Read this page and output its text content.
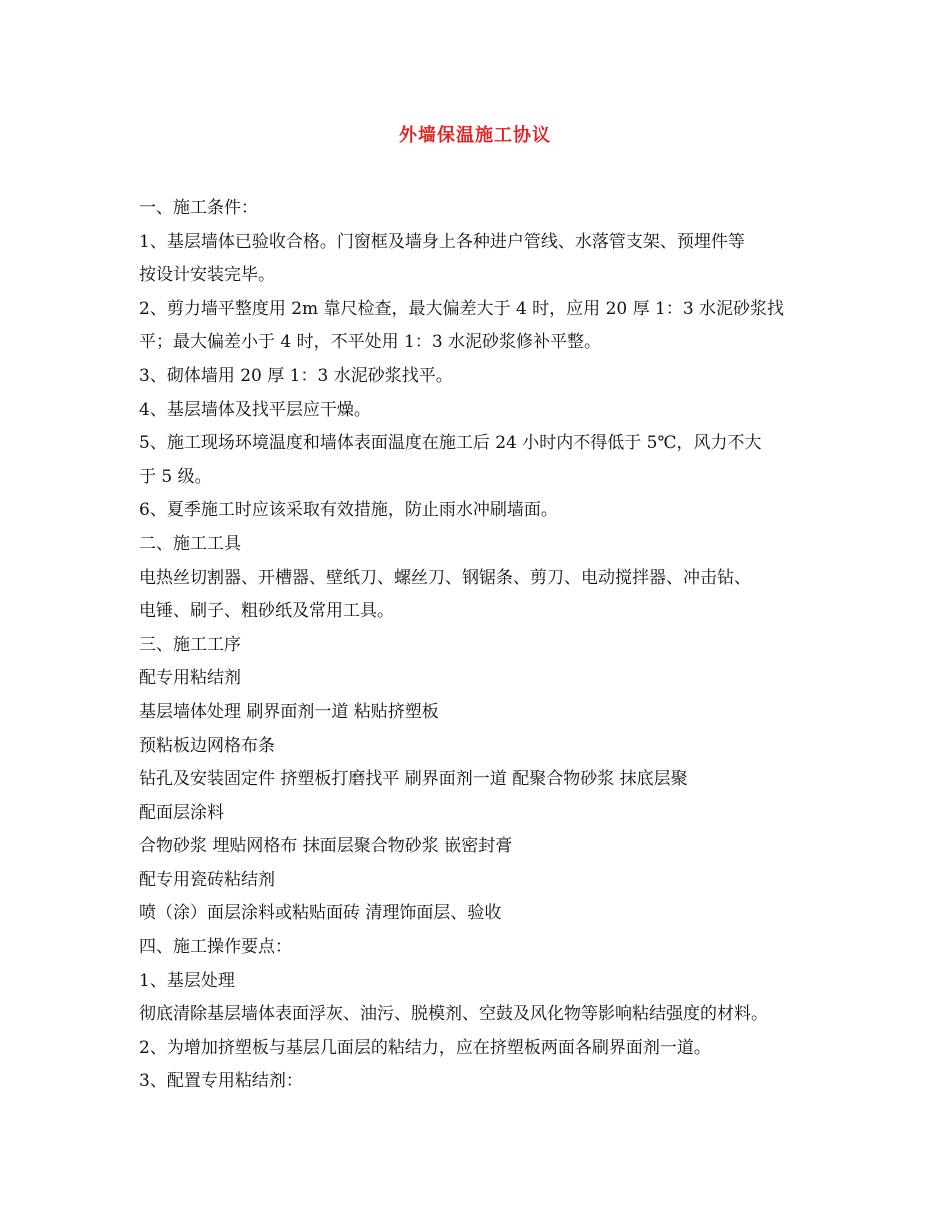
外墙保温施工协议

一、施工条件：

1、基层墙体已验收合格。门窗框及墙身上各种进户管线、水落管支架、预埋件等

按设计安装完毕。

2、剪力墙平整度用 2m 靠尺检查，最大偏差大于 4 时，应用 20 厚 1：3 水泥砂浆找

平；最大偏差小于 4 时，不平处用 1：3 水泥砂浆修补平整。

3、砌体墙用 20 厚 1：3 水泥砂浆找平。

4、基层墙体及找平层应干燥。

5、施工现场环境温度和墙体表面温度在施工后 24 小时内不得低于 5℃，风力不大

于 5 级。

6、夏季施工时应该采取有效措施，防止雨水冲刷墙面。

二、施工工具

电热丝切割器、开槽器、壁纸刀、螺丝刀、钢锯条、剪刀、电动搅拌器、冲击钻、

电锤、刷子、粗砂纸及常用工具。

三、施工工序

配专用粘结剂

基层墙体处理 刷界面剂一道 粘贴挤塑板

预粘板边网格布条

钻孔及安装固定件 挤塑板打磨找平 刷界面剂一道 配聚合物砂浆 抹底层聚

配面层涂料

合物砂浆 埋贴网格布 抹面层聚合物砂浆 嵌密封膏

配专用瓷砖粘结剂

喷（涂）面层涂料或粘贴面砖 清理饰面层、验收

四、施工操作要点：

1、基层处理

彻底清除基层墙体表面浮灰、油污、脱模剂、空鼓及风化物等影响粘结强度的材料。

2、为增加挤塑板与基层几面层的粘结力，应在挤塑板两面各刷界面剂一道。

3、配置专用粘结剂：
